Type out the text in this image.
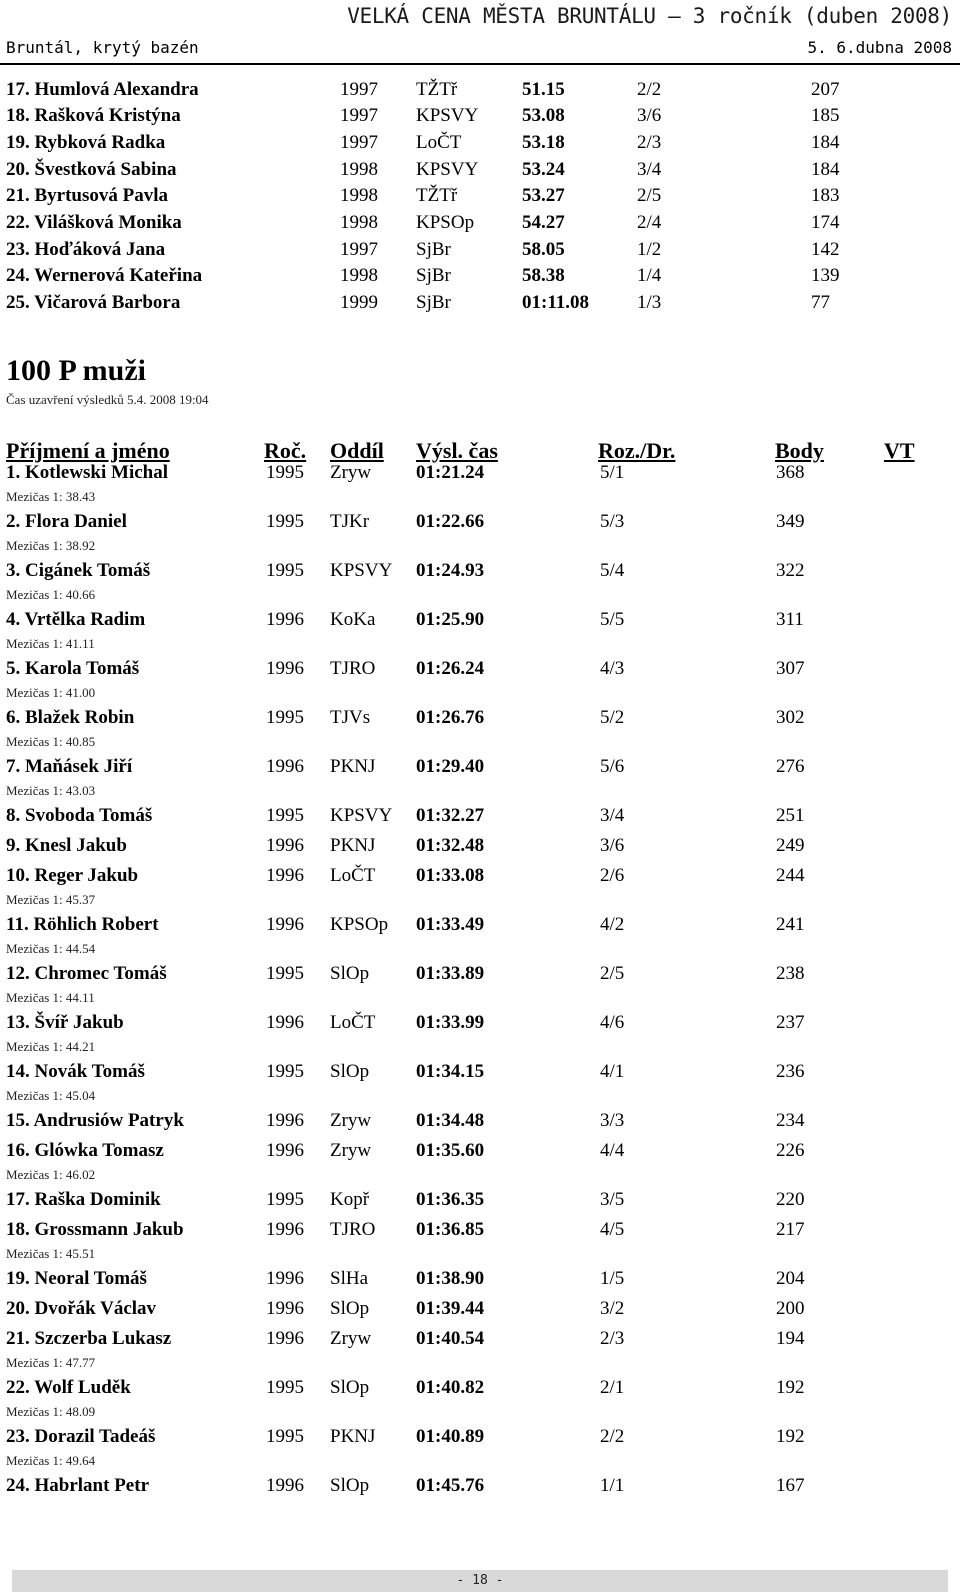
VELKÁ CENA MĚSTA BRUNTÁLU – 3 ročník (duben 2008)
Bruntál, krytý bazén	5. 6.dubna 2008
17. Humlová Alexandra	1997 TŽTř	51.15	2/2	207
18. Rašková Kristýna	1997 KPSVY 53.08	3/6	185
19. Rybková Radka	1997 LoČT	53.18	2/3	184
20. Švestková Sabina	1998 KPSVY 53.24	3/4	184
21. Byrtusová Pavla	1998 TŽTř	53.27	2/5	183
22. Vilášková Monika	1998 KPSOp	54.27	2/4	174
23. Hoďáková Jana	1997 SjBr	58.05	1/2	142
24. Wernerová Kateřina	1998 SjBr	58.38	1/4	139
25. Vičarová Barbora	1999 SjBr	01:11.08	1/3	77
100 P muži
Čas uzavření výsledků 5.4. 2008 19:04
Příjmení a jméno	Roč. Oddíl Výsl. čas	Roz./Dr.	Body	VT
1. Kotlewski Michal	1995 Zryw 01:21.24	5/1	368
Mezičas 1: 38.43
2. Flora Daniel	1995 TJKr 01:22.66	5/3	349
Mezičas 1: 38.92
3. Cigánek Tomáš	1995 KPSVY 01:24.93	5/4	322
Mezičas 1: 40.66
4. Vrtělka Radim	1996 KoKa 01:25.90	5/5	311
Mezičas 1: 41.11
5. Karola Tomáš	1996 TJRO 01:26.24	4/3	307
Mezičas 1: 41.00
6. Blažek Robin	1995 TJVs 01:26.76	5/2	302
Mezičas 1: 40.85
7. Maňásek Jiří	1996 PKNJ 01:29.40	5/6	276
Mezičas 1: 43.03
8. Svoboda Tomáš	1995 KPSVY 01:32.27	3/4	251
9. Knesl Jakub	1996 PKNJ 01:32.48	3/6	249
10. Reger Jakub	1996 LoČT 01:33.08	2/6	244
Mezičas 1: 45.37
11. Röhlich Robert	1996 KPSOp 01:33.49	4/2	241
Mezičas 1: 44.54
12. Chromec Tomáš	1995 SlOp 01:33.89	2/5	238
Mezičas 1: 44.11
13. Švíř Jakub	1996 LoČT 01:33.99	4/6	237
Mezičas 1: 44.21
14. Novák Tomáš	1995 SlOp 01:34.15	4/1	236
Mezičas 1: 45.04
15. Andrusiów Patryk	1996 Zryw 01:34.48	3/3	234
16. Glówka Tomasz	1996 Zryw 01:35.60	4/4	226
Mezičas 1: 46.02
17. Raška Dominik	1995 Kopř 01:36.35	3/5	220
18. Grossmann Jakub	1996 TJRO 01:36.85	4/5	217
Mezičas 1: 45.51
19. Neoral Tomáš	1996 SlHa	01:38.90	1/5	204
20. Dvořák Václav	1996 SlOp 01:39.44	3/2	200
21. Szczerba Lukasz	1996 Zryw 01:40.54	2/3	194
Mezičas 1: 47.77
22. Wolf Luděk	1995 SlOp 01:40.82	2/1	192
Mezičas 1: 48.09
23. Dorazil Tadeáš	1995 PKNJ 01:40.89	2/2	192
Mezičas 1: 49.64
24. Habrlant Petr	1996 SlOp 01:45.76	1/1	167
- 18 -
